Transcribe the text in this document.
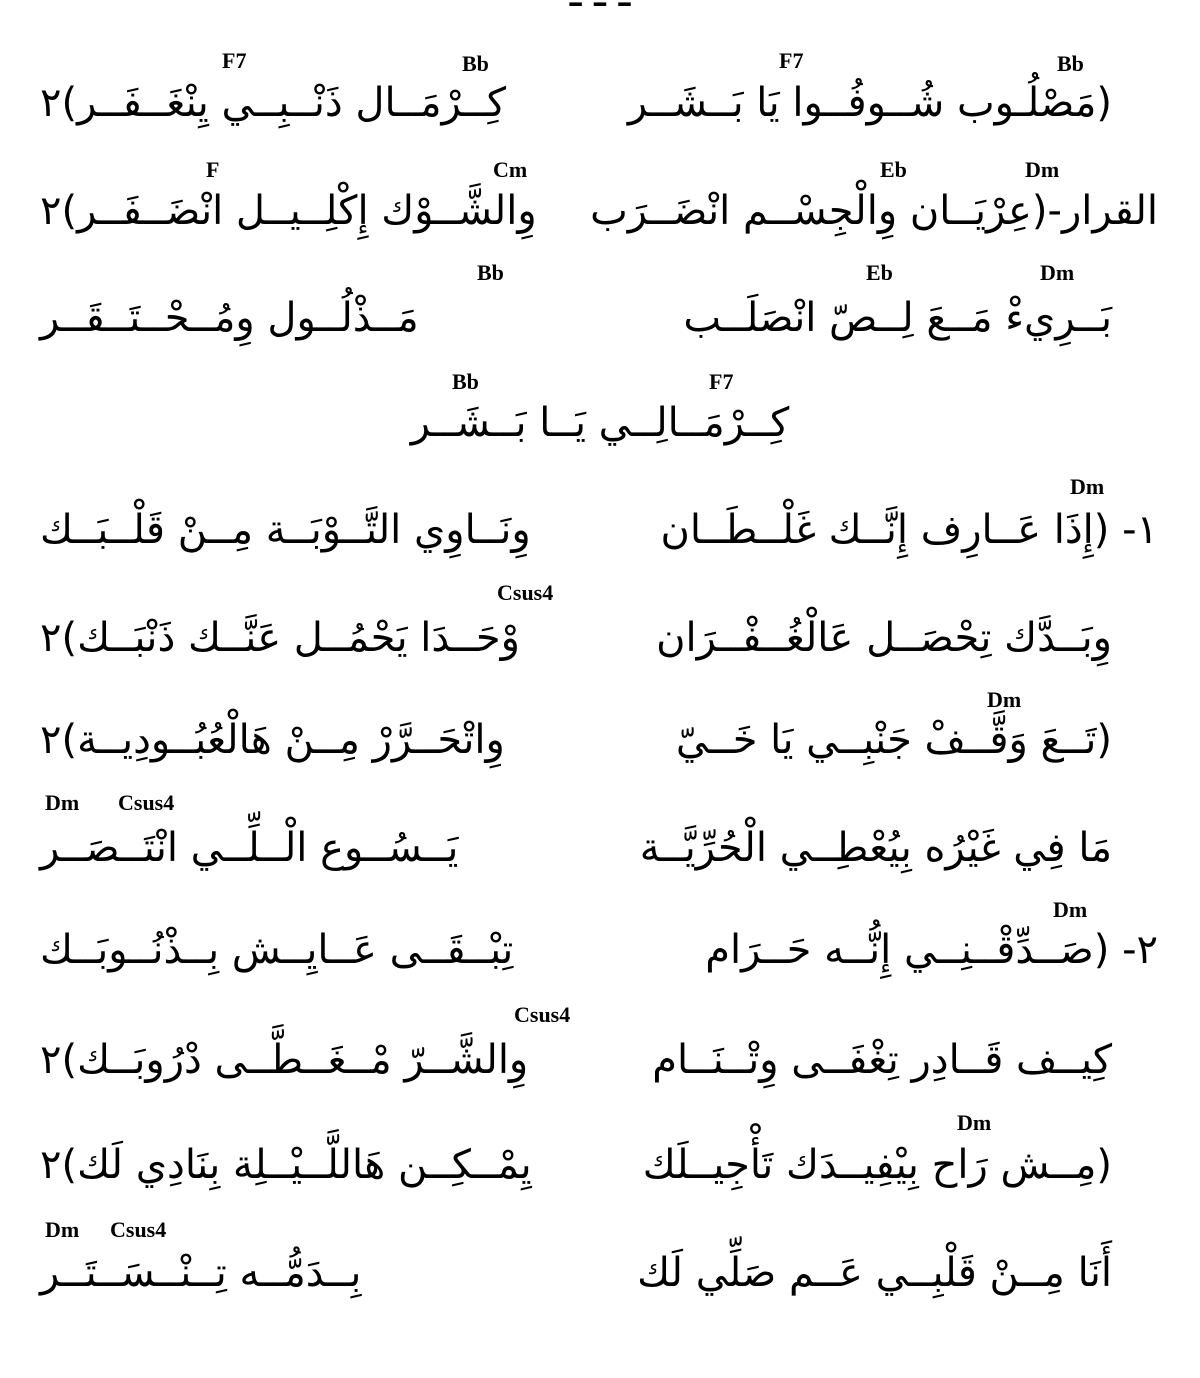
Bb
F7
Bb
F7
(مَصْلُـوب شُــوفُــوا يَا بَــشَــر
كِــرْمَــال ذَنْــبِــي يِنْغَــفَــر)٢
Dm
Eb
Cm
F
القرار-(عِرْيَــان وِالْجِسْــم انْضَــرَب
وِالشَّــوْك إِكْلِــيــل انْضَــفَــر)٢
Dm
Eb
Bb
بَــرِيءْ مَــعَ لِــصّ انْصَلَــب
مَــذْلُــول وِمُــحْــتَــقَــر
F7
Bb
كِــرْمَــالِــي يَــا بَــشَــر
Dm
١- (إِذَا عَــارِف إِنَّــك غَلْــطَــان
وِنَــاوِي التَّــوْبَــة مِــنْ قَلْــبَــك
Csus4
وِبَــدَّك تِحْصَــل عَالْغُــفْــرَان
وْحَــدَا يَحْمُــل عَنَّــك ذَنْبَــك)٢
Dm
(تَــعَ وَقَّــفْ جَنْبِــي يَا خَــيّ
وِاتْحَــرَّرْ مِــنْ هَالْعُبُــودِيــة)٢
Dm Csus4
مَا فِي غَيْرُه بِيُعْطِــي الْحُرِّيَّــة
يَــسُــوع الْــلِّــي انْتَــصَــر
Dm
٢- (صَــدِّقْــنِــي إِنُّــه حَــرَام
تِبْــقَــى عَــايِــش بِــذْنُــوبَــك
Csus4
كِيــف قَــادِر تِغْفَــى وِتْــنَــام
وِالشَّــرّ مْــغَــطَّــى دْرُوبَــك)٢
Dm
(مِــش رَاح بِيْفِيــدَك تَأْجِيــلَك
يِمْــكِــن هَاللَّــيْــلِة بِنَادِي لَك)٢
Dm Csus4
أَنَا مِــنْ قَلْبِــي عَــم صَلِّي لَك
بِــدَمُّــه تِــنْــسَــتَــر
